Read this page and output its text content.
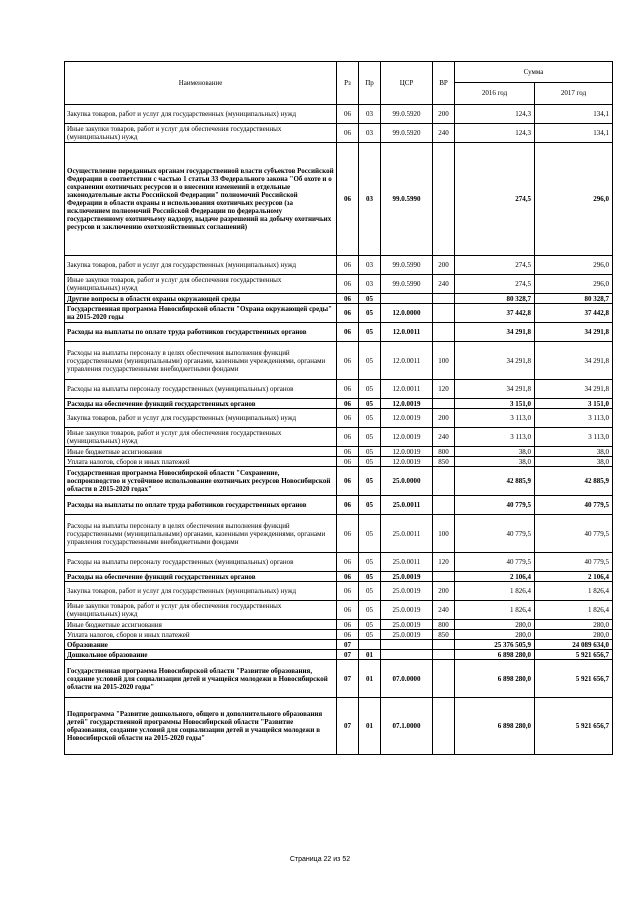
Наименование	Рз	Пр	ЦСР	ВР	Сумма	
					2016 год	2017 год
Закупка товаров, работ и услуг для государственных (муниципальных) нужд	06	03	99.0.5920	200	124,3	134,1
Иные закупки товаров, работ и услуг для обеспечения государственных (муниципальных) нужд	06	03	99.0.5920	240	124,3	134,1
Осуществление переданных органам государственной власти субъектов Российской Федерации в соответствии с частью 1 статьи 33 Федерального закона "Об охоте и о сохранении охотничьих ресурсов и о внесении изменений в отдельные законодательные акты Российской Федерации" полномочий Российской Федерации в области охраны и использования охотничьих ресурсов (за исключением полномочий Российской Федерации по федеральному государственному охотничьему надзору, выдаче разрешений на добычу охотничьих ресурсов и заключению охотхозяйственных соглашений)	06	03	99.0.5990		274,5	296,0
Закупка товаров, работ и услуг для государственных (муниципальных) нужд	06	03	99.0.5990	200	274,5	296,0
Иные закупки товаров, работ и услуг для обеспечения государственных (муниципальных) нужд	06	03	99.0.5990	240	274,5	296,0
Другие вопросы в области охраны окружающей среды	06	05			80 328,7	80 328,7
Государственная программа Новосибирской области "Охрана окружающей среды" на 2015-2020 годы	06	05	12.0.0000		37 442,8	37 442,8
Расходы на выплаты по оплате труда работников государственных органов	06	05	12.0.0011		34 291,8	34 291,8
Расходы на выплаты персоналу в целях обеспечения выполнения функций государственными (муниципальными) органами, казенными учреждениями, органами управления государственными внебюджетными фондами	06	05	12.0.0011	100	34 291,8	34 291,8
Расходы на выплаты персоналу государственных (муниципальных) органов	06	05	12.0.0011	120	34 291,8	34 291,8
Расходы на обеспечение функций государственных органов	06	05	12.0.0019		3 151,0	3 151,0
Закупка товаров, работ и услуг для государственных (муниципальных) нужд	06	05	12.0.0019	200	3 113,0	3 113,0
Иные закупки товаров, работ и услуг для обеспечения государственных (муниципальных) нужд	06	05	12.0.0019	240	3 113,0	3 113,0
Иные бюджетные ассигнования	06	05	12.0.0019	800	38,0	38,0
Уплата налогов, сборов и иных платежей	06	05	12.0.0019	850	38,0	38,0
Государственная программа Новосибирской области "Сохранение, воспроизводство и устойчивое использование охотничьих ресурсов Новосибирской области в 2015-2020 годах"	06	05	25.0.0000		42 885,9	42 885,9
Расходы на выплаты по оплате труда работников государственных органов	06	05	25.0.0011		40 779,5	40 779,5
Расходы на выплаты персоналу в целях обеспечения выполнения функций государственными (муниципальными) органами, казенными учреждениями, органами управления государственными внебюджетными фондами	06	05	25.0.0011	100	40 779,5	40 779,5
Расходы на выплаты персоналу государственных (муниципальных) органов	06	05	25.0.0011	120	40 779,5	40 779,5
Расходы на обеспечение функций государственных органов	06	05	25.0.0019		2 106,4	2 106,4
Закупка товаров, работ и услуг для государственных (муниципальных) нужд	06	05	25.0.0019	200	1 826,4	1 826,4
Иные закупки товаров, работ и услуг для обеспечения государственных (муниципальных) нужд	06	05	25.0.0019	240	1 826,4	1 826,4
Иные бюджетные ассигнования	06	05	25.0.0019	800	280,0	280,0
Уплата налогов, сборов и иных платежей	06	05	25.0.0019	850	280,0	280,0
Образование	07				25 376 505,9	24 089 634,0
Дошкольное образование	07	01			6 898 280,0	5 921 656,7
Государственная программа Новосибирской области "Развитие образования, создание условий для социализации детей и учащейся молодежи в Новосибирской области на 2015-2020 годы"	07	01	07.0.0000		6 898 280,0	5 921 656,7
Подпрограмма "Развитие дошкольного, общего и дополнительного образования детей" государственной программы Новосибирской области "Развитие образования, создание условий для социализации детей и учащейся молодежи в Новосибирской области на 2015-2020 годы"	07	01	07.1.0000		6 898 280,0	5 921 656,7
Страница 22 из 52
